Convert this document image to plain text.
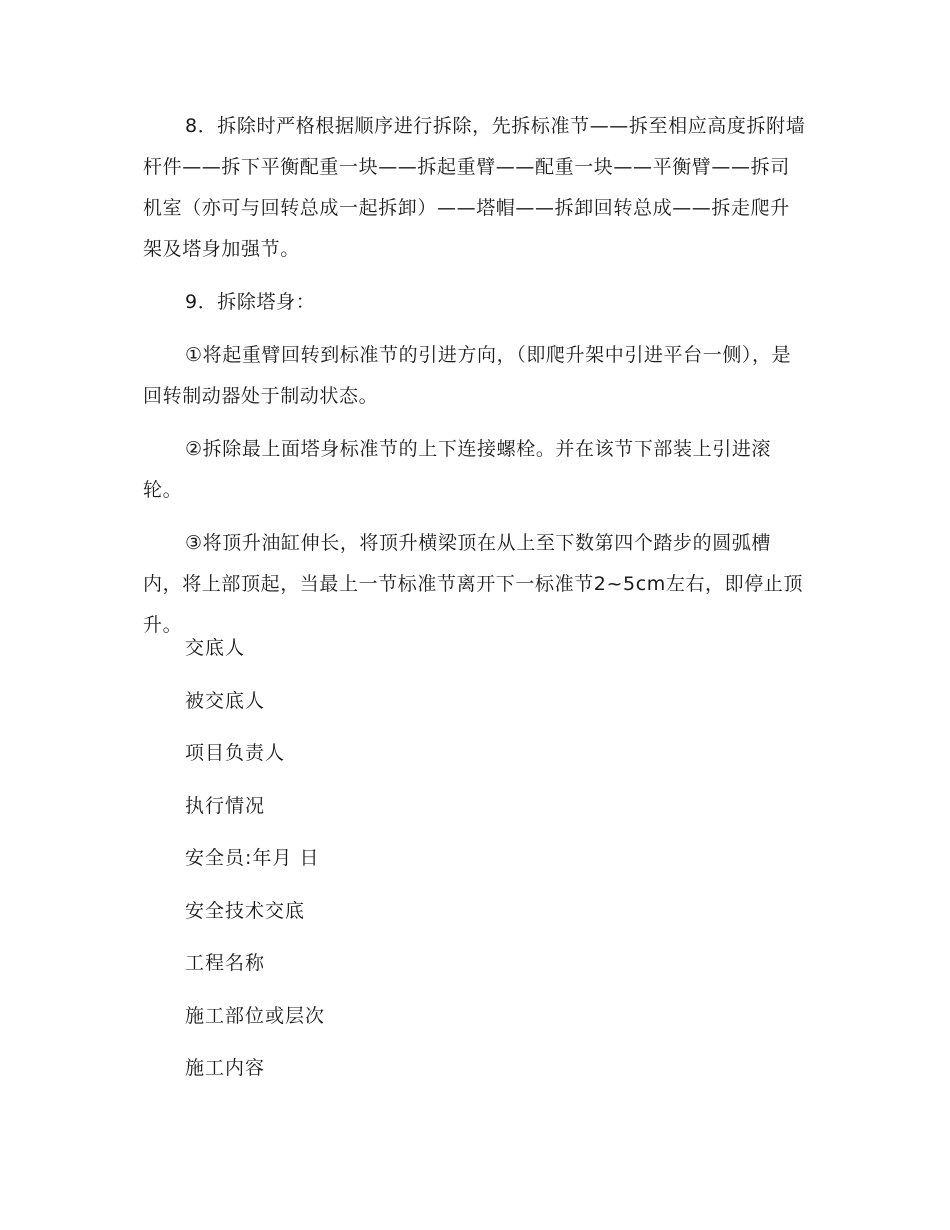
8．拆除时严格根据顺序进行拆除，先拆标准节——拆至相应高度拆附墙杆件——拆下平衡配重一块——拆起重臂——配重一块——平衡臂——拆司机室（亦可与回转总成一起拆卸）——塔帽——拆卸回转总成——拆走爬升架及塔身加强节。

9．拆除塔身：

①将起重臂回转到标准节的引进方向，（即爬升架中引进平台一侧），是回转制动器处于制动状态。

②拆除最上面塔身标准节的上下连接螺栓。并在该节下部装上引进滚轮。

③将顶升油缸伸长，将顶升横梁顶在从上至下数第四个踏步的圆弧槽内，将上部顶起，当最上一节标准节离开下一标准节2~5cm左右，即停止顶升。

交底人
被交底人
项目负责人
执行情况
安全员:年月 日
安全技术交底
工程名称
施工部位或层次
施工内容
